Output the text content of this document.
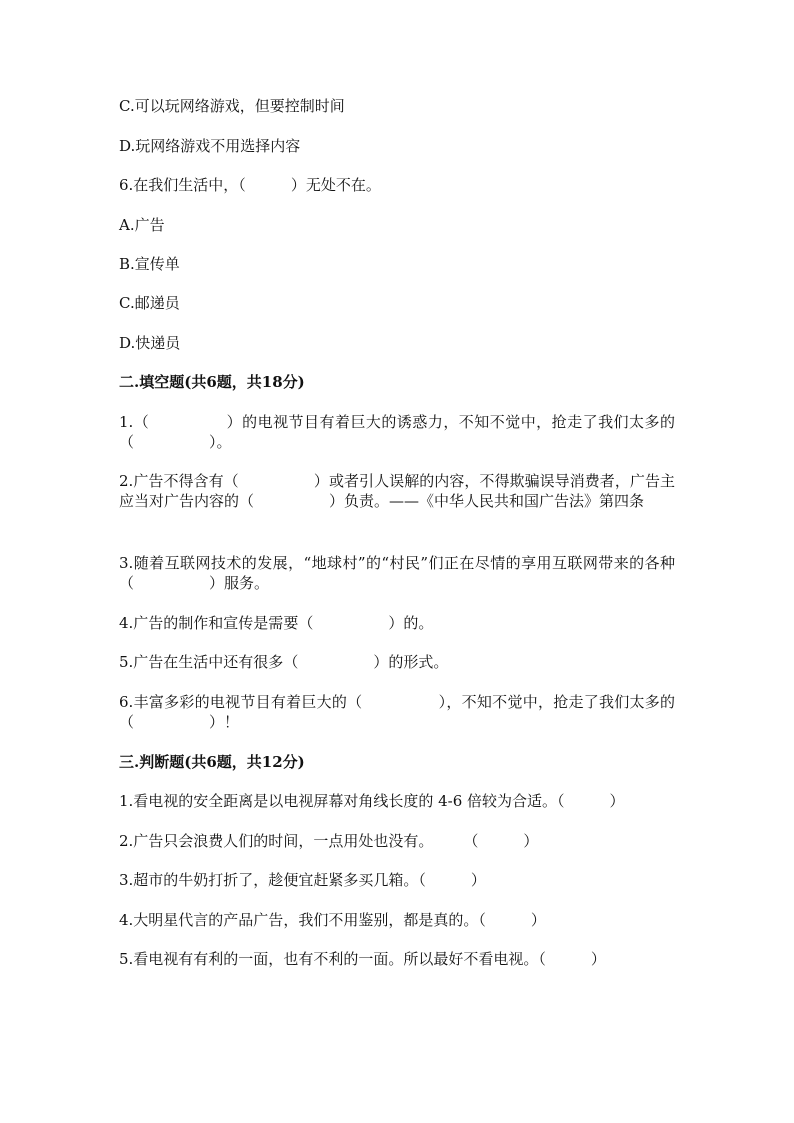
C.可以玩网络游戏，但要控制时间
D.玩网络游戏不用选择内容
6.在我们生活中，（　　　）无处不在。
A.广告
B.宣传单
C.邮递员
D.快递员
二.填空题(共6题，共18分)
1.（　　　　　）的电视节目有着巨大的诱惑力，不知不觉中，抢走了我们太多的（　　　　　）。
2.广告不得含有（　　　　　）或者引人误解的内容，不得欺骗误导消费者，广告主应当对广告内容的（　　　　　）负责。——《中华人民共和国广告法》第四条
3.随着互联网技术的发展，“地球村”的“村民”们正在尽情的享用互联网带来的各种（　　　　　）服务。
4.广告的制作和宣传是需要（　　　　　）的。
5.广告在生活中还有很多（　　　　　）的形式。
6.丰富多彩的电视节目有着巨大的（　　　　　），不知不觉中，抢走了我们太多的（　　　　　）！
三.判断题(共6题，共12分)
1.看电视的安全距离是以电视屏幕对角线长度的 4-6 倍较为合适。（　　　）
2.广告只会浪费人们的时间，一点用处也没有。　　　（　　　）
3.超市的牛奶打折了，趁便宜赶紧多买几箱。（　　　）
4.大明星代言的产品广告，我们不用鉴别，都是真的。（　　　）
5.看电视有有利的一面，也有不利的一面。所以最好不看电视。（　　　）
